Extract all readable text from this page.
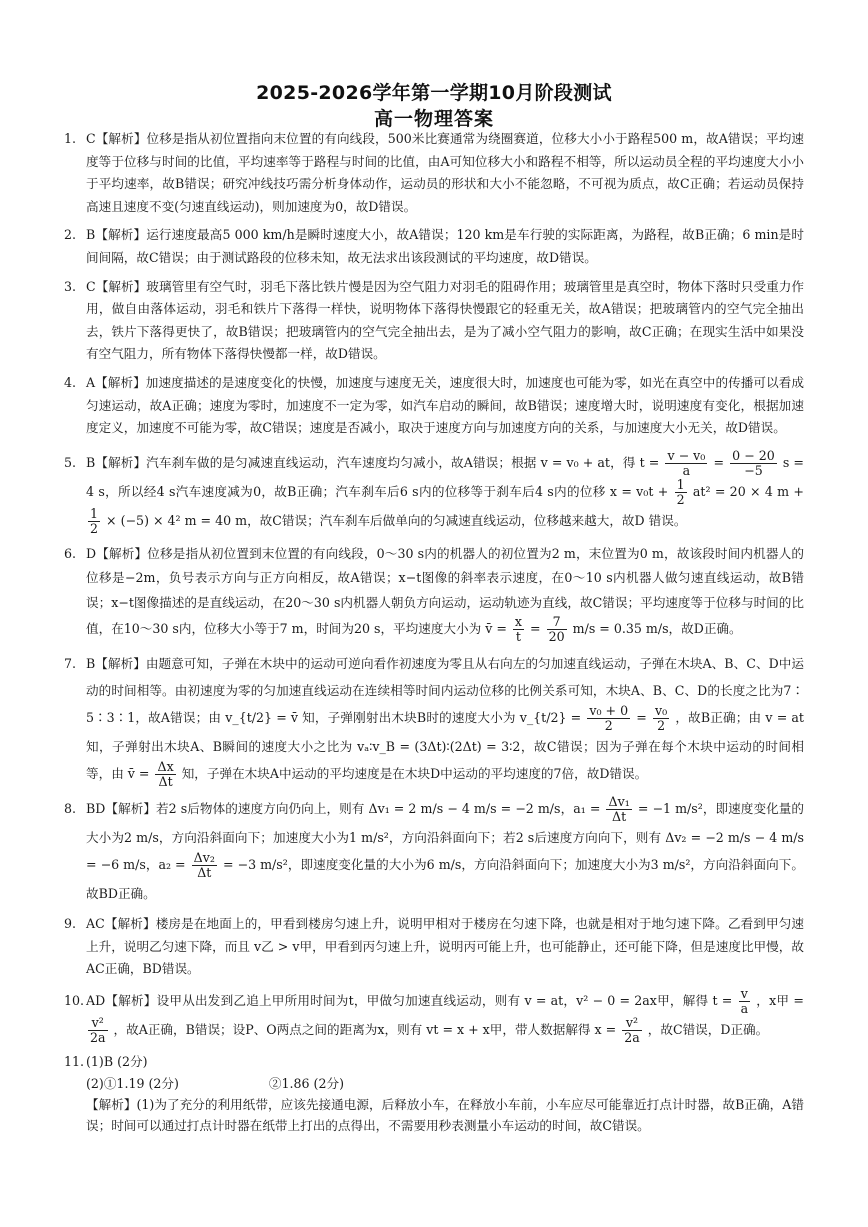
2025-2026学年第一学期10月阶段测试
高一物理答案

1. C【解析】位移是指从初位置指向末位置的有向线段，500米比赛通常为绕圈赛道，位移大小小于路程500 m，故A错误；平均速度等于位移与时间的比值，平均速率等于路程与时间的比值，由A可知位移大小和路程不相等，所以运动员全程的平均速度大小小于平均速率，故B错误；研究冲线技巧需分析身体动作，运动员的形状和大小不能忽略，不可视为质点，故C正确；若运动员保持高速且速度不变(匀速直线运动)，则加速度为0，故D错误。

2. B【解析】运行速度最高5 000 km/h是瞬时速度大小，故A错误；120 km是车行驶的实际距离，为路程，故B正确；6 min是时间间隔，故C错误；由于测试路段的位移未知，故无法求出该段测试的平均速度，故D错误。

3. C【解析】玻璃管里有空气时，羽毛下落比铁片慢是因为空气阻力对羽毛的阻碍作用；玻璃管里是真空时，物体下落时只受重力作用，做自由落体运动，羽毛和铁片下落得一样快，说明物体下落得快慢跟它的轻重无关，故A错误；把玻璃管内的空气完全抽出去，铁片下落得更快了，故B错误；把玻璃管内的空气完全抽出去，是为了减小空气阻力的影响，故C正确；在现实生活中如果没有空气阻力，所有物体下落得快慢都一样，故D错误。

4. A【解析】加速度描述的是速度变化的快慢，加速度与速度无关，速度很大时，加速度也可能为零，如光在真空中的传播可以看成匀速运动，故A正确；速度为零时，加速度不一定为零，如汽车启动的瞬间，故B错误；速度增大时，说明速度有变化，根据加速度定义，加速度不可能为零，故C错误；速度是否减小，取决于速度方向与加速度方向的关系，与加速度大小无关，故D错误。

5. B【解析】汽车刹车做的是匀减速直线运动，汽车速度均匀减小，故A错误；根据 v = v₀ + at，得 $t = \frac{\text{v − v₀}}{a} = \frac{0 - 20}{-5}$ s = 4 s，所以经4 s汽车速度减为0，故B正确；汽车刹车后6 s内的位移等于刹车后4 s内的位移 $x = v_0t + \frac{1}{2} at^2 = 20 \times 4$ m +
$\frac{1}{2} \times (-5) \times 4^2$ m = 40 m，故C错误；汽车刹车后做单向的匀减速直线运动，位移越来越大，故D 错误。

6. D【解析】位移是指从初位置到末位置的有向线段，0～30 s内的机器人的初位置为2 m，末位置为0 m，故该段时间内机器人的位移是−2m，负号表示方向与正方向相反，故A错误；x−t图像的斜率表示速度，在0～10 s内机器人做匀速直线运动，故B错误；x−t图像描述的是直线运动，在20～30 s内机器人朝负方向运动，运动轨迹为直线，故C错误；平均速度等于位移与时间的比值，在10～30 s内，位移大小等于7 m，时间为20 s，平均速度大小为 v̄ = $\frac{x}{t} = \frac{7}{20} m/s = 0.35$ m/s，故D正确。

7. B【解析】由题意可知，子弹在木块中的运动可逆向看作初速度为零且从右向左的匀加速直线运动，子弹在木块A、B、C、D中运动的时间相等。由初速度为零的匀加速直线运动在连续相等时间内运动位移的比例关系可知，木块A、B、C、D的长度之比为7∶5∶3∶1，故A错误；由 v_{t/2} = v̄ 知，子弹刚射出木块B时的速度大小为 v_{t/2} = $\frac{\text{v₀ + 0}}{2} = \frac{\text{v₀}}{2}$ ，故B正确；由 v = at 知，子弹射出木块A、B瞬间的速度大小之比为 vₐ∶v_B = (3Δt)∶(2Δt) = 3∶2，故C错误；因为子弹在每个木块中运动的时间相等，由 v̄ = $\frac{\Delta x}{\Delta t}$ 知，子弹在木块A中运动的平均速度是在木块D中运动的平均速度的7倍，故D错误。

8. BD【解析】若2 s后物体的速度方向仍向上，则有 Δv₁ = 2 m/s − 4 m/s = −2 m/s，$a_1 = \frac{\text{Δv₁}}{\Delta t} = -1$ m/s²，即速度变化量的大小为2 m/s，方向沿斜面向下；加速度大小为1 m/s²，方向沿斜面向下；若2 s后速度方向向下，则有 Δv₂ = −2 m/s − 4 m/s = −6 m/s，$a_2 = \frac{\text{Δv₂}}{\Delta t} = -3$ m/s²，即速度变化量的大小为6 m/s，方向沿斜面向下；加速度大小为3 m/s²，方向沿斜面向下。故BD正确。

9. AC【解析】楼房是在地面上的，甲看到楼房匀速上升，说明甲相对于楼房在匀速下降，也就是相对于地匀速下降。乙看到甲匀速上升，说明乙匀速下降，而且 v乙 > v甲，甲看到丙匀速上升，说明丙可能上升，也可能静止，还可能下降，但是速度比甲慢，故AC正确，BD错误。

10. AD【解析】设甲从出发到乙追上甲所用时间为t，甲做匀加速直线运动，则有 v = at，v² − 0 = 2ax甲，解得 $t = \frac{v}{a}$ ，x甲 =
$\frac{\text{v²}}{2a}$ ，故A正确，B错误；设P、O两点之间的距离为x，则有 vt = x + x甲，带人数据解得 $x = \frac{\text{v²}}{2a}$ ，故C错误，D正确。

11. (1)B (2分)
(2)①1.19 (2分)	②1.86 (2分)
【解析】(1)为了充分的利用纸带，应该先接通电源，后释放小车，在释放小车前，小车应尽可能靠近打点计时器，故B正确，A错误；时间可以通过打点计时器在纸带上打出的点得出，不需要用秒表测量小车运动的时间，故C错误。
